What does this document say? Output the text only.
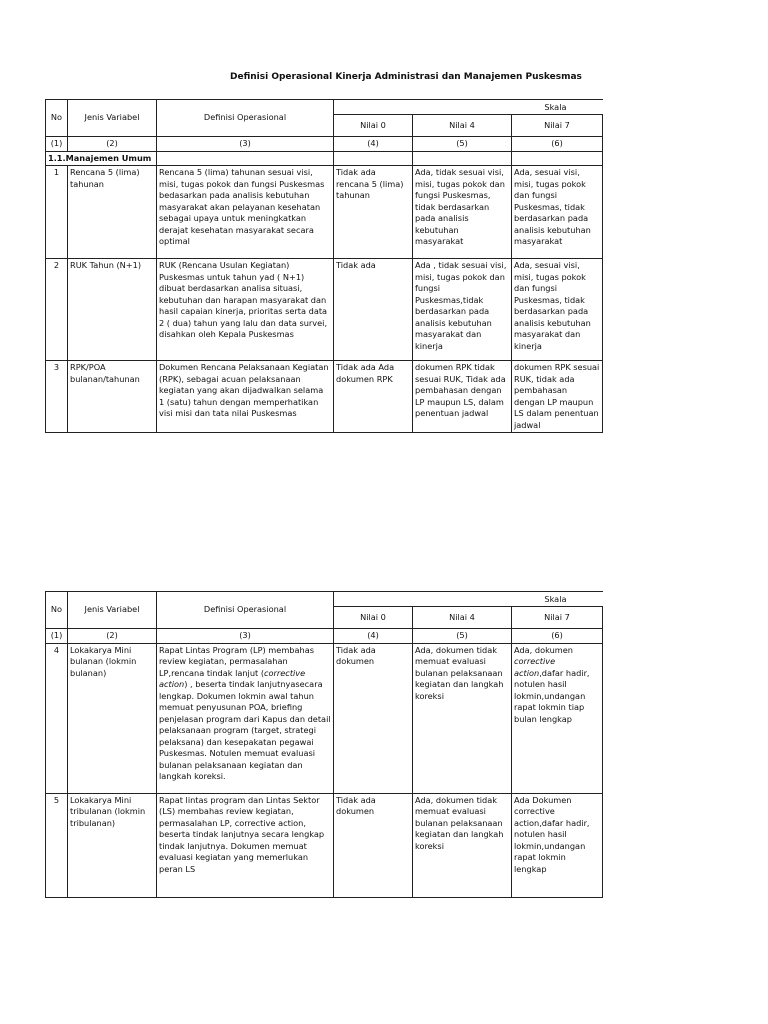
Definisi Operasional Kinerja Administrasi dan Manajemen Puskesmas
No	Jenis Variabel	Definisi Operasional	Skala		
			Nilai 0	Nilai 4	Nilai 7
(1)	(2)	(3)	(4)	(5)	(6)
1.1.Manajemen Umum					
1	Rencana 5 (lima) tahunan	Rencana 5 (lima) tahunan sesuai visi, misi, tugas pokok dan fungsi Puskesmas bedasarkan pada analisis kebutuhan masyarakat akan pelayanan kesehatan sebagai upaya untuk meningkatkan derajat kesehatan masyarakat secara optimal	Tidak ada rencana 5 (lima) tahunan	Ada, tidak sesuai visi, misi, tugas pokok dan fungsi Puskesmas, tidak berdasarkan pada analisis kebutuhan masyarakat	Ada, sesuai visi, misi, tugas pokok dan fungsi Puskesmas, tidak berdasarkan pada analisis kebutuhan masyarakat
2	RUK Tahun (N+1)	RUK (Rencana Usulan Kegiatan) Puskesmas untuk tahun yad ( N+1) dibuat berdasarkan analisa situasi, kebutuhan dan harapan masyarakat dan hasil capaian kinerja, prioritas serta data 2 ( dua) tahun yang lalu dan data survei, disahkan oleh Kepala Puskesmas	Tidak ada	Ada , tidak sesuai visi, misi, tugas pokok dan fungsi Puskesmas,tidak berdasarkan pada analisis kebutuhan masyarakat dan kinerja	Ada, sesuai visi, misi, tugas pokok dan fungsi Puskesmas, tidak berdasarkan pada analisis kebutuhan masyarakat dan kinerja
3	RPK/POA bulanan/tahunan	Dokumen Rencana Pelaksanaan Kegiatan (RPK), sebagai acuan pelaksanaan kegiatan yang akan dijadwalkan selama 1 (satu) tahun dengan memperhatikan visi misi dan tata nilai Puskesmas	Tidak ada Ada dokumen RPK	dokumen RPK tidak sesuai RUK, Tidak ada pembahasan dengan LP maupun LS, dalam penentuan jadwal	dokumen RPK sesuai RUK, tidak ada pembahasan dengan LP maupun LS dalam penentuan jadwal
No	Jenis Variabel	Definisi Operasional	Skala		
			Nilai 0	Nilai 4	Nilai 7
(1)	(2)	(3)	(4)	(5)	(6)
4	Lokakarya Mini bulanan (lokmin bulanan)	Rapat Lintas Program (LP) membahas review kegiatan, permasalahan LP,rencana tindak lanjut (corrective action) , beserta tindak lanjutnyasecara lengkap. Dokumen lokmin awal tahun memuat penyusunan POA, briefing penjelasan program dari Kapus dan detail pelaksanaan program (target, strategi pelaksana) dan kesepakatan pegawai Puskesmas. Notulen memuat evaluasi bulanan pelaksanaan kegiatan dan langkah koreksi.	Tidak ada dokumen	Ada, dokumen tidak memuat evaluasi bulanan pelaksanaan kegiatan dan langkah koreksi	Ada, dokumen corrective action,dafar hadir, notulen hasil lokmin,undangan rapat lokmin tiap bulan lengkap
5	Lokakarya Mini tribulanan (lokmin tribulanan)	Rapat lintas program dan Lintas Sektor (LS) membahas review kegiatan, permasalahan LP, corrective action, beserta tindak lanjutnya secara lengkap tindak lanjutnya. Dokumen memuat evaluasi kegiatan yang memerlukan peran LS	Tidak ada dokumen	Ada, dokumen tidak memuat evaluasi bulanan pelaksanaan kegiatan dan langkah koreksi	Ada Dokumen corrective action,dafar hadir, notulen hasil lokmin,undangan rapat lokmin lengkap
